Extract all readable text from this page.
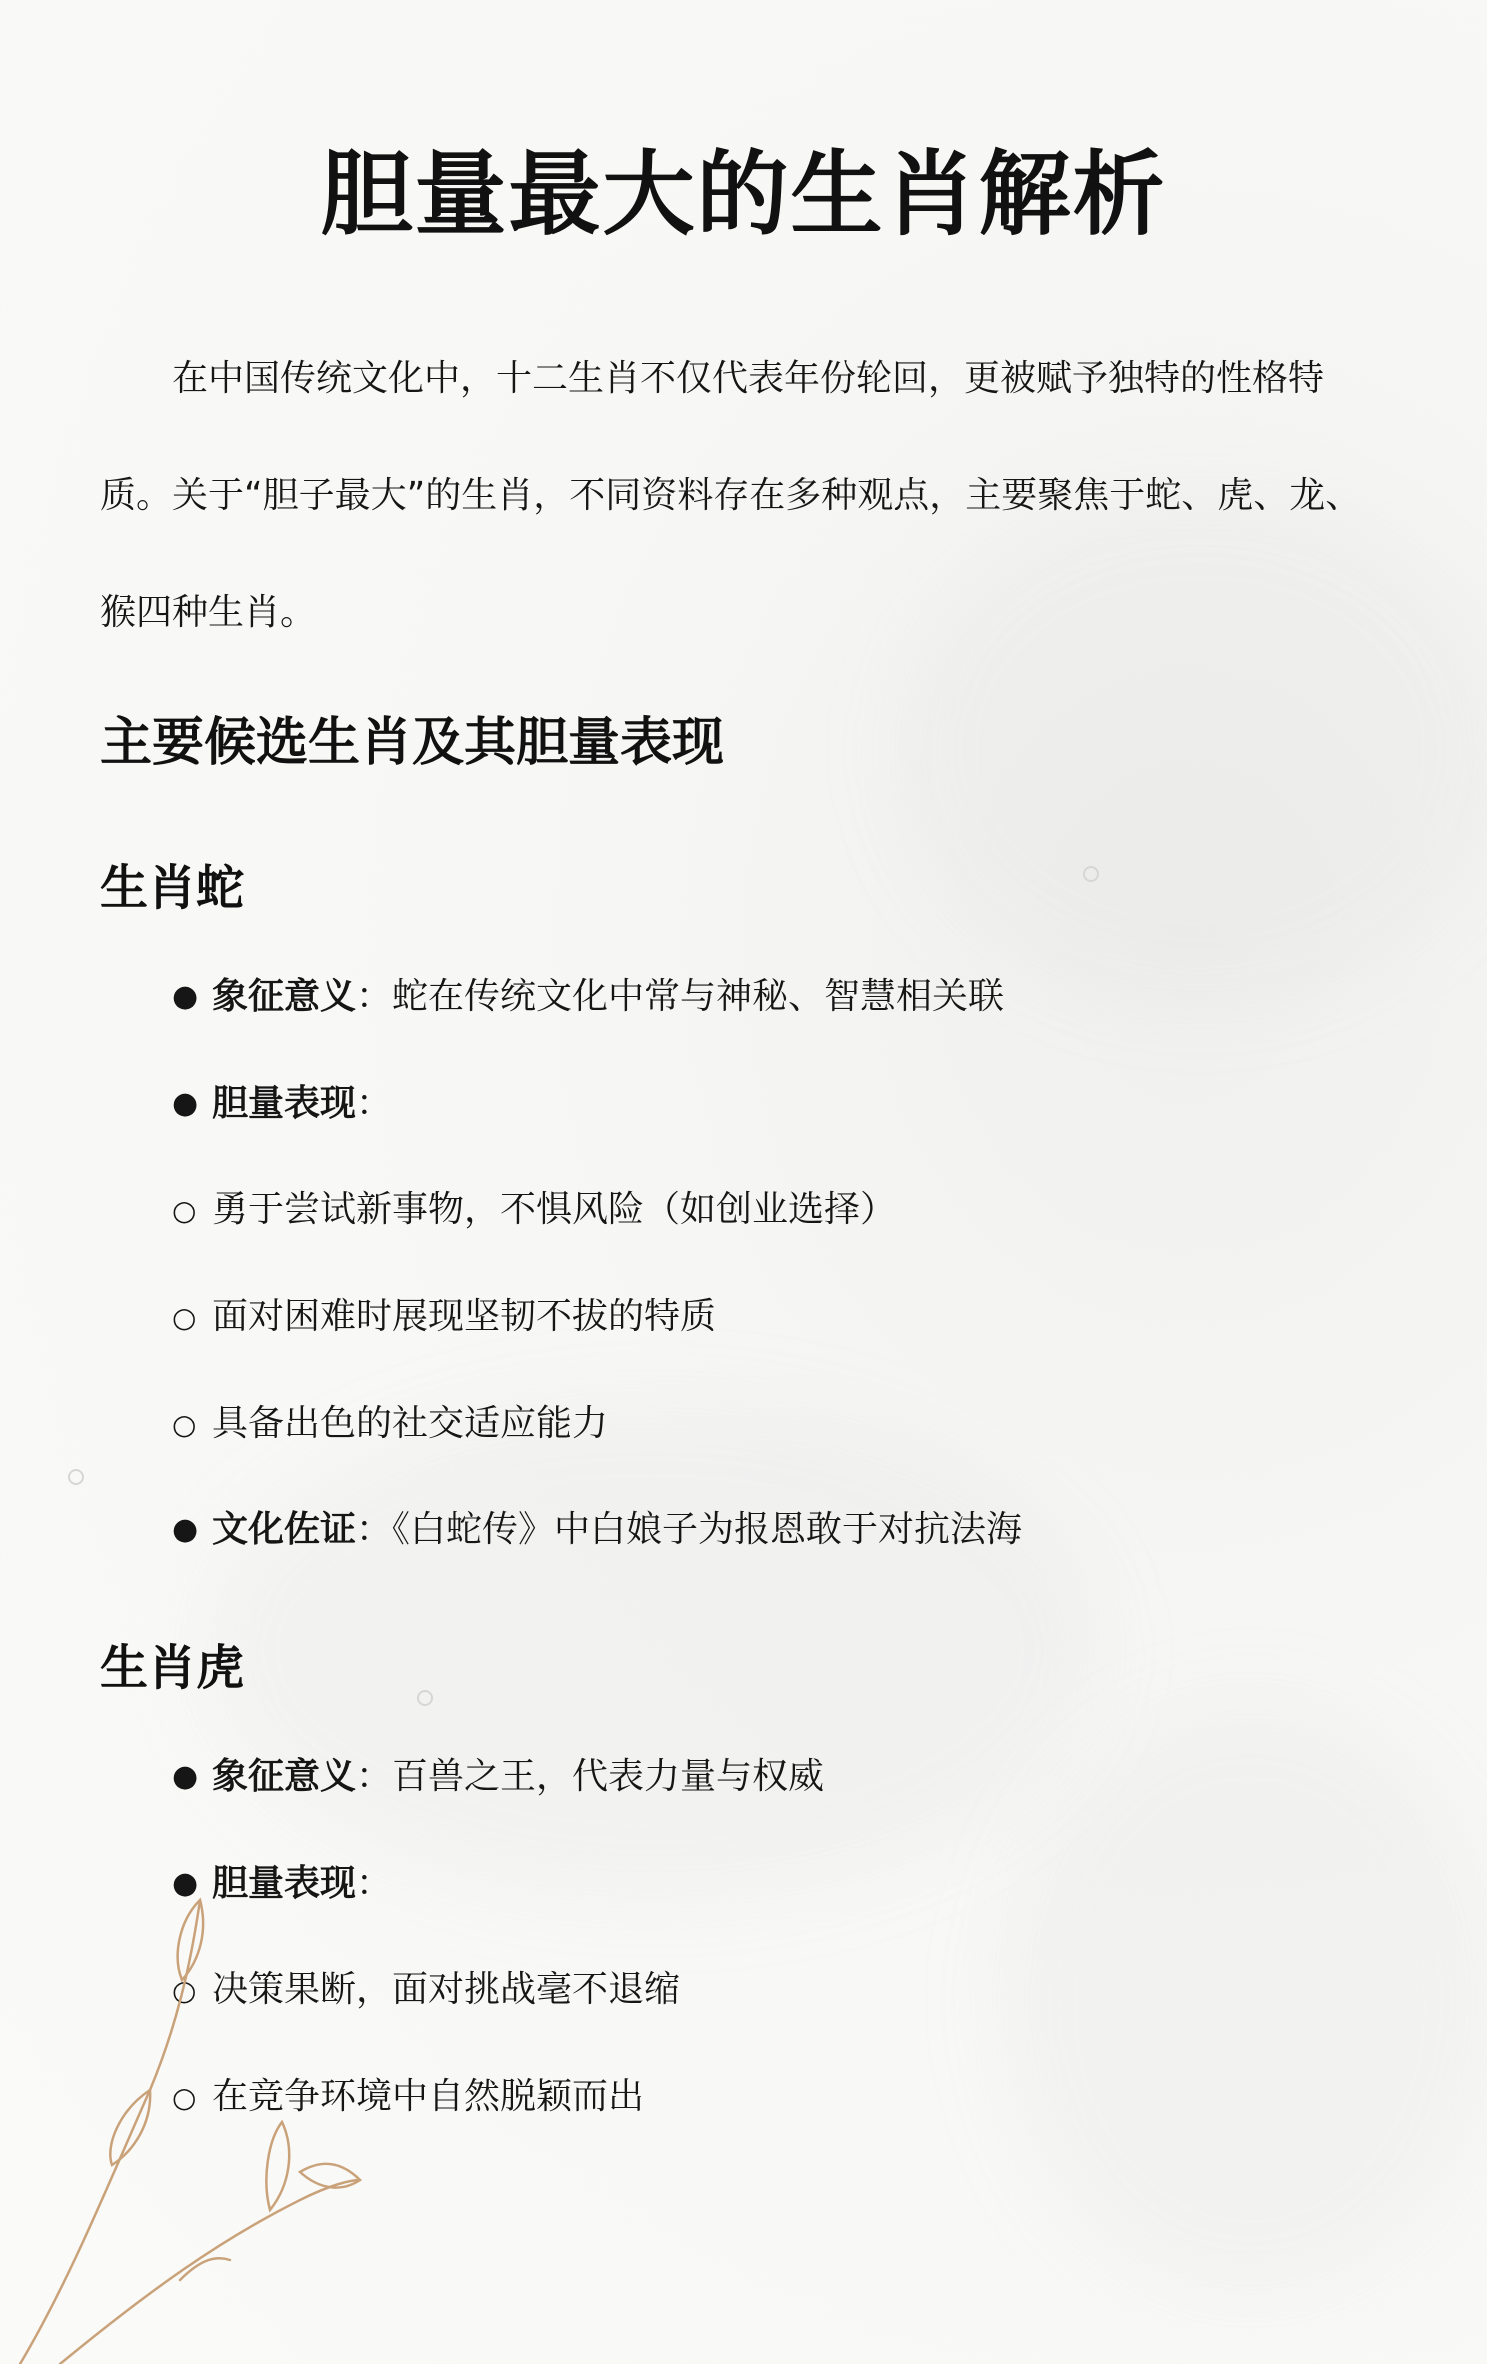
胆量最大的生肖解析

在中国传统文化中，十二生肖不仅代表年份轮回，更被赋予独特的性格特质。关于“胆子最大”的生肖，不同资料存在多种观点，主要聚焦于蛇、虎、龙、猴四种生肖。

主要候选生肖及其胆量表现
生肖蛇
● 象征意义：蛇在传统文化中常与神秘、智慧相关联
● 胆量表现：
○ 勇于尝试新事物，不惧风险（如创业选择）
○ 面对困难时展现坚韧不拔的特质
○ 具备出色的社交适应能力
● 文化佐证：《白蛇传》中白娘子为报恩敢于对抗法海
生肖虎
● 象征意义：百兽之王，代表力量与权威
● 胆量表现：
○ 决策果断，面对挑战毫不退缩
○ 在竞争环境中自然脱颖而出
